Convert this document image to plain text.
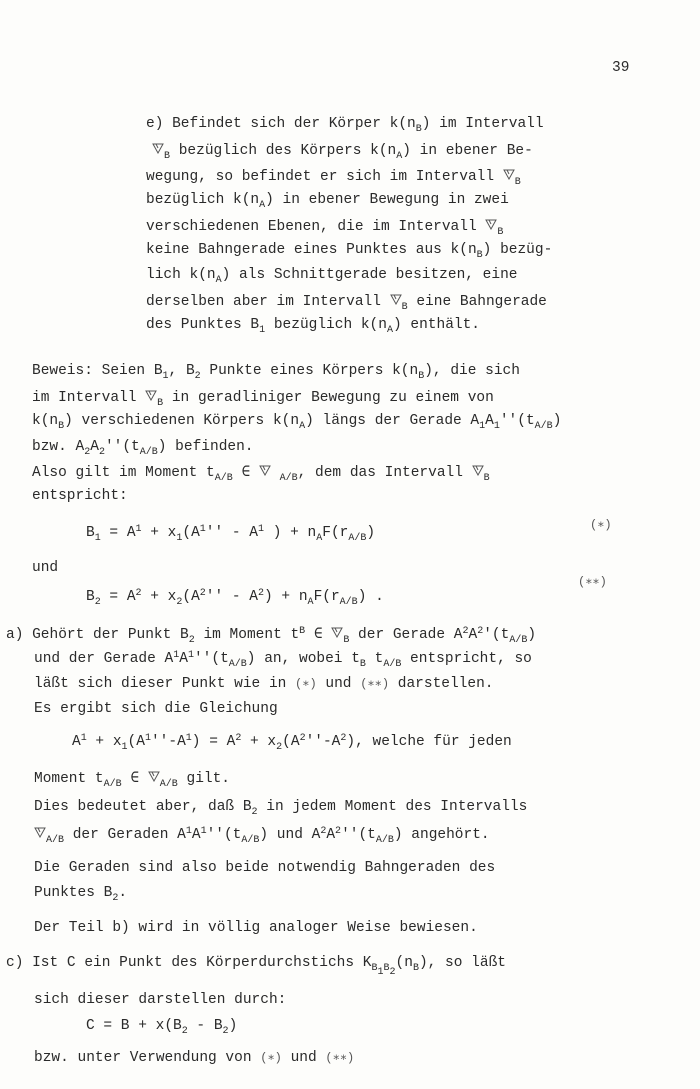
39
e) Befindet sich der Körper $k(n_B)$ im Intervall
$_B$ bezüglich des Körpers $k(n_A)$ in ebener Be-
wegung, so befindet er sich im Intervall $_B$
bezüglich $k(n_A)$ in ebener Bewegung in zwei
verschiedenen Ebenen, die im Intervall $_B$
keine Bahngerade eines Punktes aus $k(n_B)$ bezüg-
lich $k(n_A)$ als Schnittgerade besitzen, eine
derselben aber im Intervall $_B$ eine Bahngerade
des Punktes $B_1$ bezüglich $k(n_A)$ enthält.
Beweis: Seien $B_1$, $B_2$ Punkte eines Körpers $k(n_B)$, die sich
im Intervall $_B$ in geradliniger Bewegung zu einem von
$k(n_B)$ verschiedenen Körpers $k(n_A)$ längs der Gerade $A_1A_1''(t_{A/B})$
bzw. $A_2A_2''(t_{A/B})$ befinden.
Also gilt im Moment $t_{A/B}$ ∈  $_{A/B}$, dem das Intervall $_B$
entspricht:
$B_1 = A^1 + x_1(A^1'' - A^1$ ) + $n_AF(r_{A/B})$	(∗)
und
$B_2 = A^2 + x_2(A^2'' - A^2) + n_AF(r_{A/B})$ .
(∗∗)
a) Gehört der Punkt $B_2$ im Moment $t^B$ ∈ $_B$ der Gerade $A^2A^2'(t_{A/B})$
und der Gerade $A^1A^1''(t_{A/B})$ an, wobei $t_B$ $t_{A/B}$ entspricht, so
läßt sich dieser Punkt wie in (∗) und (∗∗) darstellen.
Es ergibt sich die Gleichung
$A^1 + x_1(A^1''-A^1) = A^2 + x_2(A^2''-A^2)$, welche für jeden
Moment $t_{A/B}$ ∈ $_{A/B}$ gilt.
Dies bedeutet aber, daß $B_2$ in jedem Moment des Intervalls
$_{A/B}$ der Geraden $A^1A^1''(t_{A/B})$ und $A^2A^2''(t_{A/B})$ angehört.
Die Geraden sind also beide notwendig Bahngeraden des
Punktes $B_2$.
Der Teil b) wird in völlig analoger Weise bewiesen.
c) Ist C ein Punkt des Körperdurchstichs $K_{B_1B_2}(n_B)$, so läßt
sich dieser darstellen durch:
$C = B + x(B_2 - B_2)$
bzw. unter Verwendung von (∗) und (∗∗)
